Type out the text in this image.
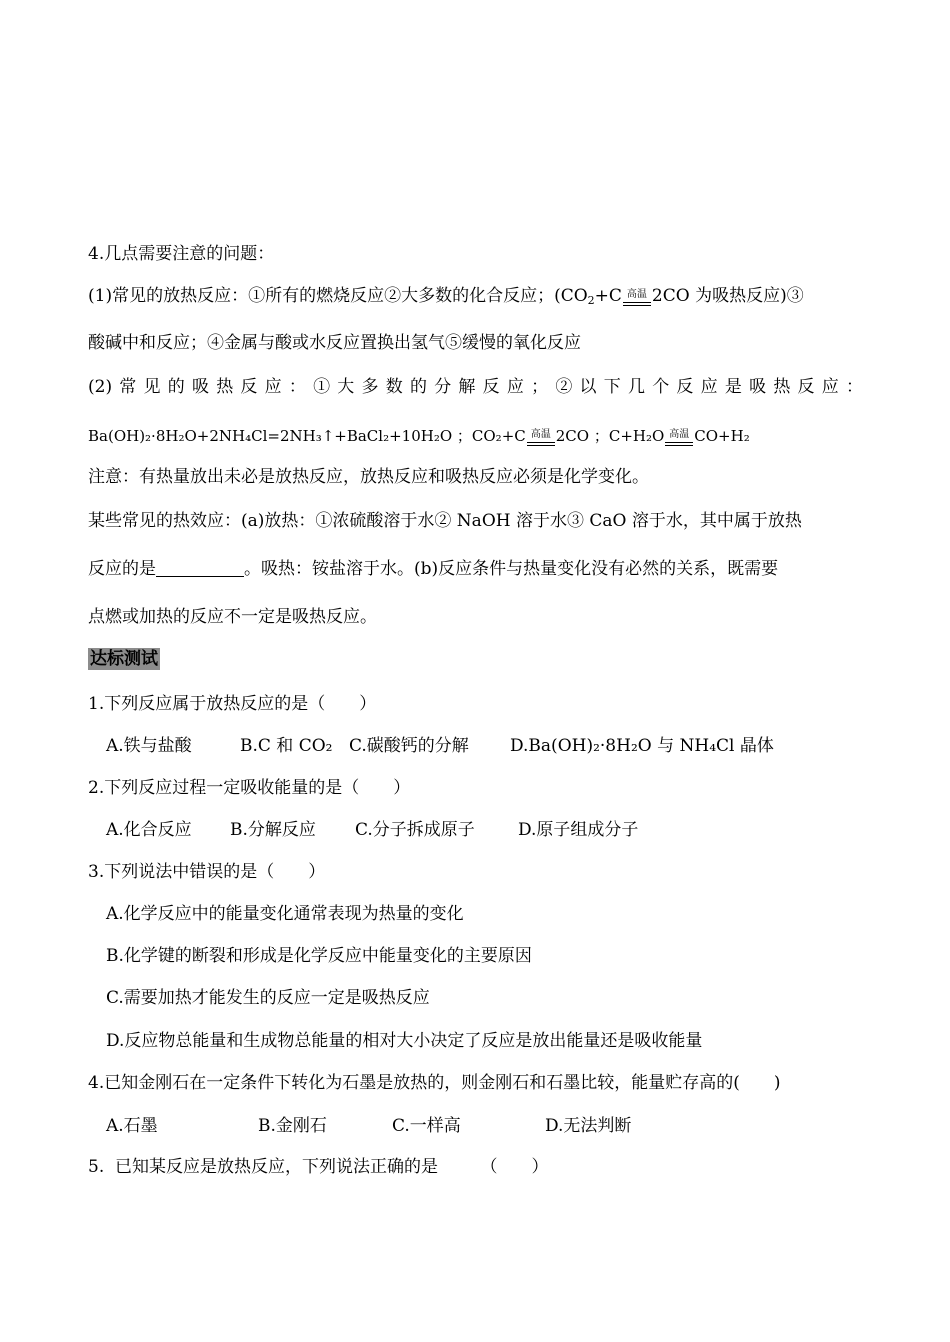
4.几点需要注意的问题：
(1)常见的放热反应：①所有的燃烧反应②大多数的化合反应；($CO_2+C$ 高温 2CO 为吸热反应)③
酸碱中和反应；④金属与酸或水反应置换出氢气⑤缓慢的氧化反应
(2)常见的吸热反应：①大多数的分解反应；②以下几个反应是吸热反应：
Ba(OH)₂·8H₂O+2NH₄Cl=2NH₃↑+BaCl₂+10H₂O ；CO₂+C 高温 2CO ；C+H₂O 高温 CO+H₂
注意：有热量放出未必是放热反应，放热反应和吸热反应必须是化学变化。
某些常见的热效应：(a)放热：①浓硫酸溶于水② NaOH 溶于水③ CaO 溶于水，其中属于放热
反应的是	。吸热：铵盐溶于水。(b)反应条件与热量变化没有必然的关系，既需要
点燃或加热的反应不一定是吸热反应。
达标测试
1.下列反应属于放热反应的是（　　）
A.铁与盐酸	B.C 和 CO₂ C.碳酸钙的分解 D.Ba(OH)₂·8H₂O 与 NH₄Cl 晶体
2.下列反应过程一定吸收能量的是（　　）
A.化合反应 B.分解反应 C.分子拆成原子	D.原子组成分子
3.下列说法中错误的是（　　）
A.化学反应中的能量变化通常表现为热量的变化
B.化学键的断裂和形成是化学反应中能量变化的主要原因
C.需要加热才能发生的反应一定是吸热反应
D.反应物总能量和生成物总能量的相对大小决定了反应是放出能量还是吸收能量
4.已知金刚石在一定条件下转化为石墨是放热的，则金刚石和石墨比较，能量贮存高的(　　)
A.石墨	B.金刚石	C.一样高	D.无法判断
5.  已知某反应是放热反应，下列说法正确的是　　　（　　）
